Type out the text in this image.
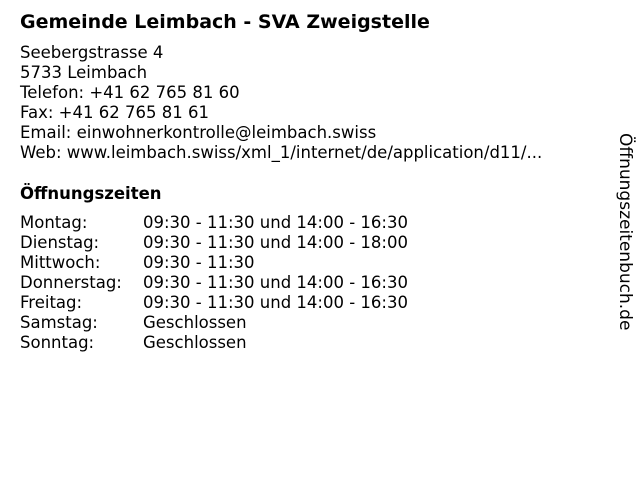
Gemeinde Leimbach - SVA Zweigstelle
Seebergstrasse 4
5733 Leimbach
Telefon: +41 62 765 81 60
Fax: +41 62 765 81 61
Email: einwohnerkontrolle@leimbach.swiss
Web: www.leimbach.swiss/xml_1/internet/de/application/d11/...
Öffnungszeiten
Montag:	09:30 - 11:30 und 14:00 - 16:30
Dienstag:	09:30 - 11:30 und 14:00 - 18:00
Mittwoch:	09:30 - 11:30
Donnerstag: 09:30 - 11:30 und 14:00 - 16:30
Freitag:	09:30 - 11:30 und 14:00 - 16:30
Samstag:	Geschlossen
Sonntag:	Geschlossen
Öffnungszeitenbuch.de
